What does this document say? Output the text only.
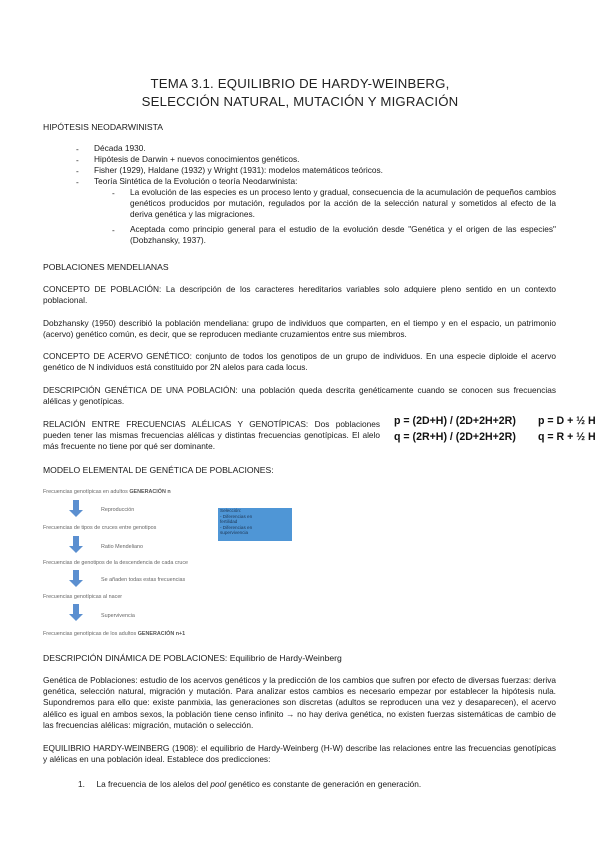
TEMA 3.1. EQUILIBRIO DE HARDY-WEINBERG,
SELECCIÓN NATURAL, MUTACIÓN Y MIGRACIÓN
HIPÓTESIS NEODARWINISTA
- Década 1930.
- Hipótesis de Darwin + nuevos conocimientos genéticos.
- Fisher (1929), Haldane (1932) y Wright (1931): modelos matemáticos teóricos.
- Teoría Sintética de la Evolución o teoría Neodarwinista:
- La evolución de las especies es un proceso lento y gradual, consecuencia de la acumulación de pequeños cambios genéticos producidos por mutación, regulados por la acción de la selección natural y sometidos al efecto de la deriva genética y las migraciones.
- Aceptada como principio general para el estudio de la evolución desde "Genética y el origen de las especies" (Dobzhansky, 1937).
POBLACIONES MENDELIANAS
CONCEPTO DE POBLACIÓN: La descripción de los caracteres hereditarios variables solo adquiere pleno sentido en un contexto poblacional.
Dobzhansky (1950) describió la población mendeliana: grupo de individuos que comparten, en el tiempo y en el espacio, un patrimonio (acervo) genético común, es decir, que se reproducen mediante cruzamientos entre sus miembros.
CONCEPTO DE ACERVO GENÉTICO: conjunto de todos los genotipos de un grupo de individuos. En una especie diploide el acervo genético de N individuos está constituido por 2N alelos para cada locus.
DESCRIPCIÓN GENÉTICA DE UNA POBLACIÓN: una población queda descrita genéticamente cuando se conocen sus frecuencias alélicas y genotípicas.
RELACIÓN ENTRE FRECUENCIAS ALÉLICAS Y GENOTÍPICAS: Dos poblaciones pueden tener las mismas frecuencias alélicas y distintas frecuencias genotípicas. El alelo más frecuente no tiene por qué ser dominante.
p = (2D+H) / (2D+2H+2R) p = D + ½ H
q = (2R+H) / (2D+2H+2R) q = R + ½ H
MODELO ELEMENTAL DE GENÉTICA DE POBLACIONES:
Frecuencias genotípicas en adultos GENERACIÓN n
Reproducción
Frecuencias de tipos de cruces entre genotipos
Ratio Mendeliano
Frecuencias de genotipos de la descendencia de cada cruce
Se añaden todas estas frecuencias
Frecuencias genotípicas al nacer
Supervivencia
Frecuencias genotípicas de los adultos GENERACIÓN n+1
Selección:
- Diferencias en
fertilidad
- Diferencias en
supervivencia
DESCRIPCIÓN DINÁMICA DE POBLACIONES: Equilibrio de Hardy-Weinberg
Genética de Poblaciones: estudio de los acervos genéticos y la predicción de los cambios que sufren por efecto de diversas fuerzas: deriva genética, selección natural, migración y mutación. Para analizar estos cambios es necesario empezar por establecer la hipótesis nula. Supondremos para ello que: existe panmixia, las generaciones son discretas (adultos se reproducen una vez y desaparecen), el acervo alélico es igual en ambos sexos, la población tiene censo infinito → no hay deriva genética, no existen fuerzas sistemáticas de cambio de las frecuencias alélicas: migración, mutación o selección.
EQUILIBRIO HARDY-WEINBERG (1908): el equilibrio de Hardy-Weinberg (H-W) describe las relaciones entre las frecuencias genotípicas y alélicas en una población ideal. Establece dos predicciones:
1. La frecuencia de los alelos del pool genético es constante de generación en generación.
